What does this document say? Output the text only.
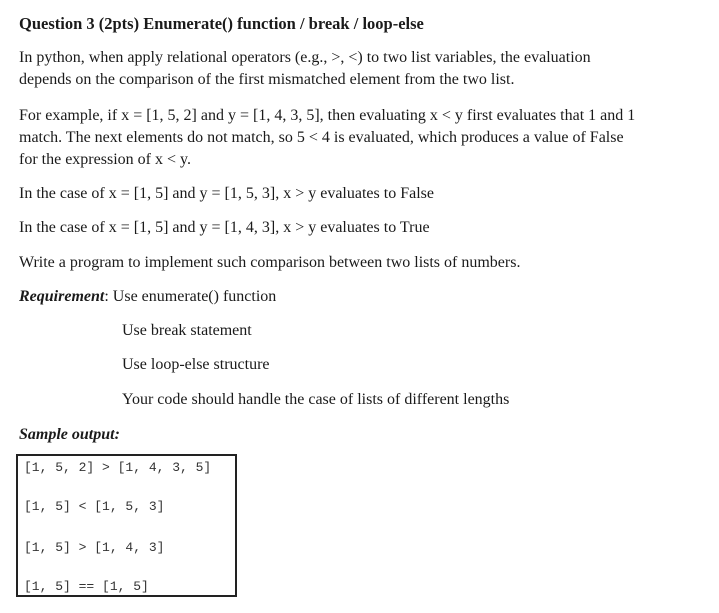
Question 3 (2pts) Enumerate() function / break / loop-else
In python, when apply relational operators (e.g., >, <) to two list variables, the evaluation
depends on the comparison of the first mismatched element from the two list.
For example, if x = [1, 5, 2] and y = [1, 4, 3, 5], then evaluating x < y first evaluates that 1 and 1
match. The next elements do not match, so 5 < 4 is evaluated, which produces a value of False
for the expression of x < y.
In the case of x = [1, 5] and y = [1, 5, 3], x > y evaluates to False
In the case of x = [1, 5] and y = [1, 4, 3], x > y evaluates to True
Write a program to implement such comparison between two lists of numbers.
Requirement: Use enumerate() function
Use break statement
Use loop-else structure
Your code should handle the case of lists of different lengths
Sample output:
[1, 5, 2] > [1, 4, 3, 5]
[1, 5] < [1, 5, 3]
[1, 5] > [1, 4, 3]
[1, 5] == [1, 5]
